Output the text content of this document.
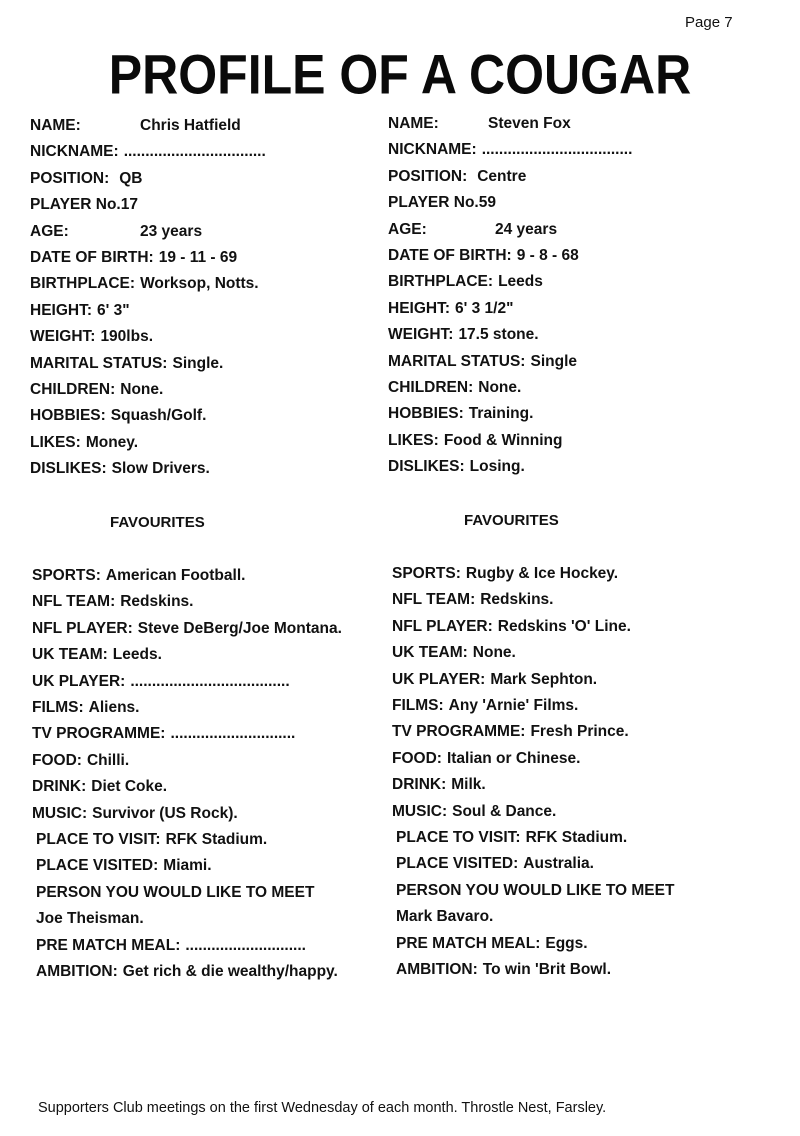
Page 7
PROFILE OF A COUGAR
NAME:	Chris Hatfield
NICKNAME: .................................
POSITION: QB
PLAYER No.17
AGE:	23 years
DATE OF BIRTH: 19 - 11 - 69
BIRTHPLACE: Worksop, Notts.
HEIGHT: 6' 3"
WEIGHT: 190lbs.
MARITAL STATUS: Single.
CHILDREN: None.
HOBBIES: Squash/Golf.
LIKES: Money.
DISLIKES: Slow Drivers.
FAVOURITES
SPORTS: American Football.
NFL TEAM: Redskins.
NFL PLAYER: Steve DeBerg/Joe Montana.
UK TEAM: Leeds.
UK PLAYER: .....................................
FILMS: Aliens.
TV PROGRAMME: .............................
FOOD: Chilli.
DRINK: Diet Coke.
MUSIC: Survivor (US Rock).
PLACE TO VISIT: RFK Stadium.
PLACE VISITED: Miami.
PERSON YOU WOULD LIKE TO MEET
Joe Theisman.
PRE MATCH MEAL: ............................
AMBITION: Get rich & die wealthy/happy.
NAME:	Steven Fox
NICKNAME: ...................................
POSITION: Centre
PLAYER No.59
AGE:	24 years
DATE OF BIRTH: 9 - 8 - 68
BIRTHPLACE: Leeds
HEIGHT: 6' 3 1/2"
WEIGHT: 17.5 stone.
MARITAL STATUS: Single
CHILDREN: None.
HOBBIES: Training.
LIKES: Food & Winning
DISLIKES: Losing.
FAVOURITES
SPORTS: Rugby & Ice Hockey.
NFL TEAM: Redskins.
NFL PLAYER: Redskins 'O' Line.
UK TEAM: None.
UK PLAYER: Mark Sephton.
FILMS: Any 'Arnie' Films.
TV PROGRAMME: Fresh Prince.
FOOD: Italian or Chinese.
DRINK: Milk.
MUSIC: Soul & Dance.
PLACE TO VISIT: RFK Stadium.
PLACE VISITED: Australia.
PERSON YOU WOULD LIKE TO MEET
Mark Bavaro.
PRE MATCH MEAL: Eggs.
AMBITION: To win 'Brit Bowl.
Supporters Club meetings on the first Wednesday of each month. Throstle Nest, Farsley.
